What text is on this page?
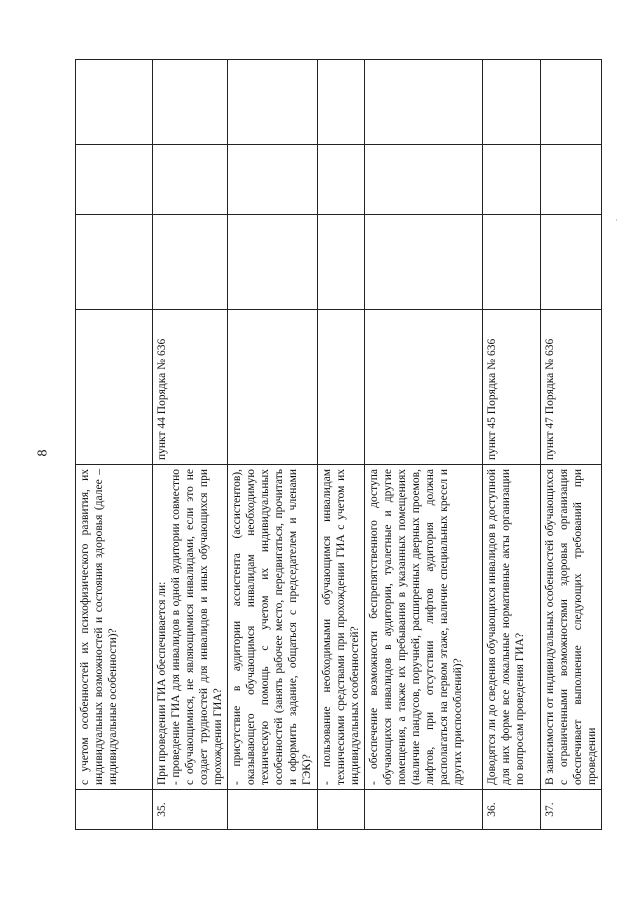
8
·
	с учетом особенностей их психофизического развития, их индивидуальных возможностей и состояния здоровья (далее – индивидуальные особенности)?				
35.	При проведении ГИА обеспечивается ли:
- проведение ГИА для инвалидов в одной аудитории совместно с обучающимися, не являющимися инвалидами, если это не создает трудностей для инвалидов и иных обучающихся при прохождении ГИА?	пункт 44 Порядка № 636			
	- присутствие в аудитории ассистента (ассистентов), оказывающего обучающимся инвалидам необходимую техническую помощь с учетом их индивидуальных особенностей (занять рабочее место, передвигаться, прочитать и оформить задание, общаться с председателем и членами ГЭК)?				
	- пользование необходимыми обучающимся инвалидам техническими средствами при прохождении ГИА с учетом их индивидуальных особенностей?				
	- обеспечение возможности беспрепятственного доступа обучающихся инвалидов в аудитории, туалетные и другие помещения, а также их пребывания в указанных помещениях (наличие пандусов, поручней, расширенных дверных проемов, лифтов, при отсутствии лифтов аудитория должна располагаться на первом этаже, наличие специальных кресел и других приспособлений)?				
36.	Доводятся ли до сведения обучающихся инвалидов в доступной для них форме все локальные нормативные акты организации по вопросам проведения ГИА?	пункт 45 Порядка № 636			
37.	В зависимости от индивидуальных особенностей обучающихся с ограниченными возможностями здоровья организация обеспечивает выполнение следующих требований при проведении	пункт 47 Порядка № 636			
